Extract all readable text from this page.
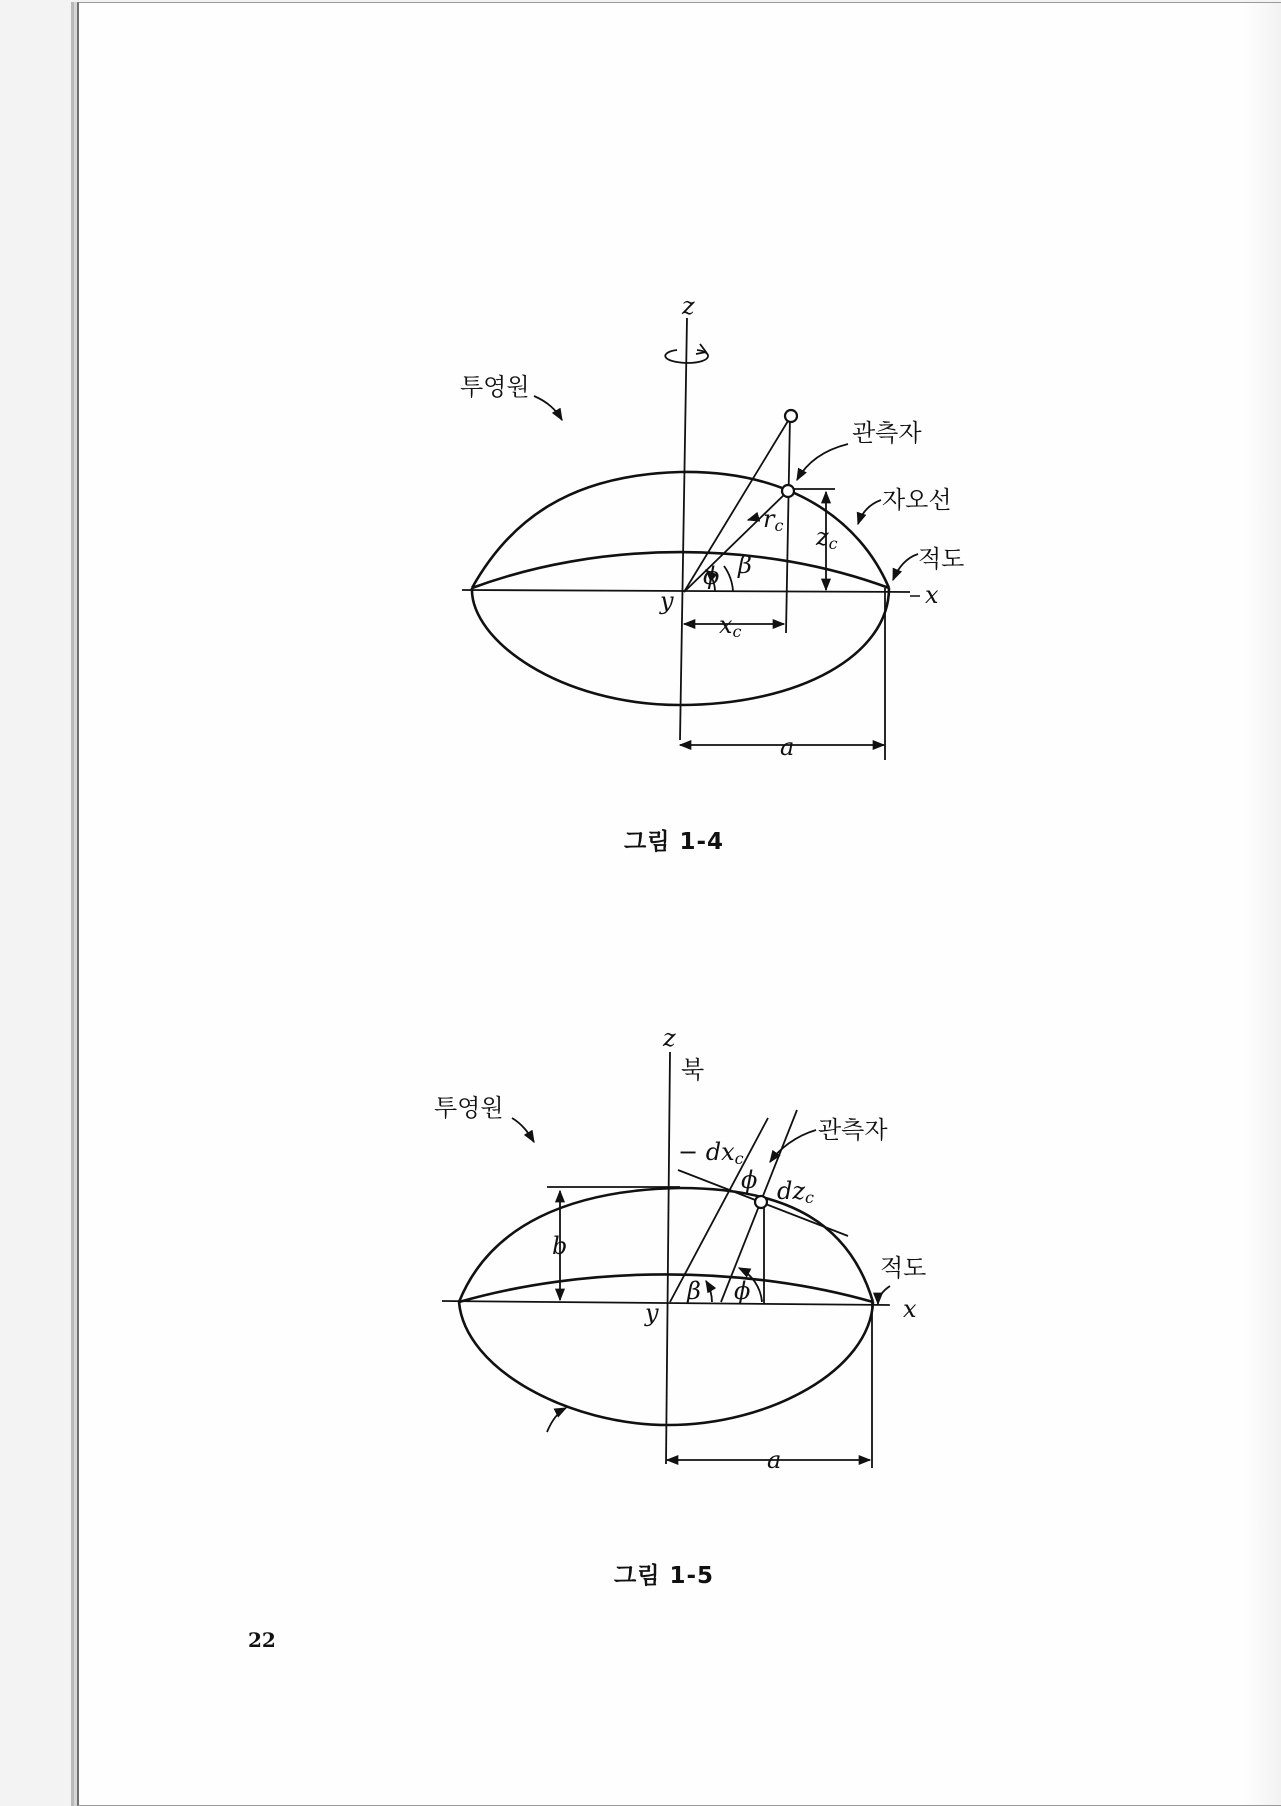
z
x
y
투영원
관측자
자오선
적도
rc zc
xc
ϕ β
a
그림 1-4
z
북
x
y
투영원
관측자
적도
− dxc
dzc
ϕ
ϕ
β
b
a
그림 1-5
22
